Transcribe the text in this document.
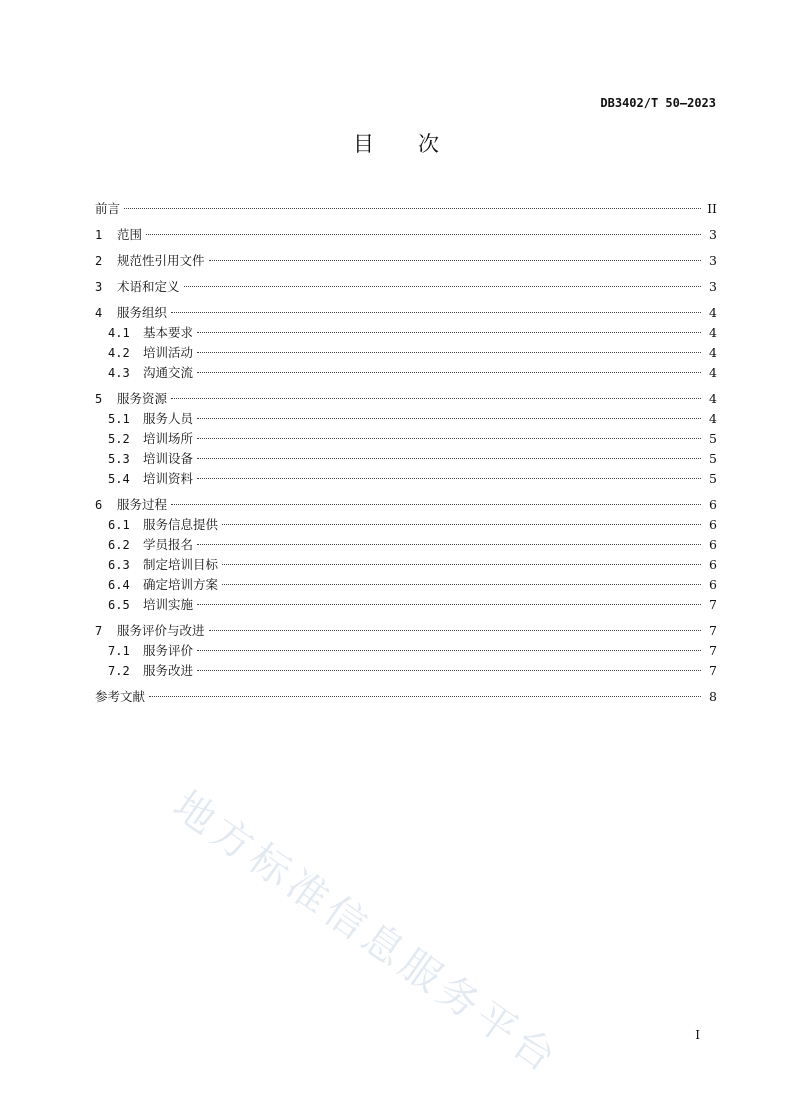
DB3402/T 50—2023
目 次
前言	II
1	范围	3
2	规范性引用文件	3
3	术语和定义	3
4	服务组织	4
4.1	基本要求	4
4.2	培训活动	4
4.3	沟通交流	4
5	服务资源	4
5.1	服务人员	4
5.2	培训场所	5
5.3	培训设备	5
5.4	培训资料	5
6	服务过程	6
6.1	服务信息提供	6
6.2	学员报名	6
6.3	制定培训目标	6
6.4	确定培训方案	6
6.5	培训实施	7
7	服务评价与改进	7
7.1	服务评价	7
7.2	服务改进	7
参考文献	8
地方标准信息服务平台	I
